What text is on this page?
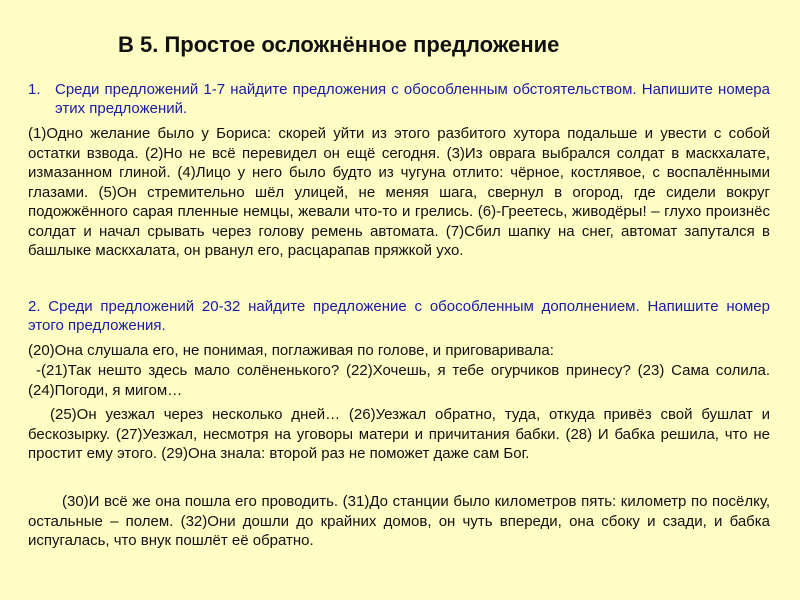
В 5. Простое осложнённое предложение
1. Среди предложений 1-7 найдите предложения с обособленным обстоятельством. Напишите номера этих предложений.
(1)Одно желание было у Бориса: скорей уйти из этого разбитого хутора подальше и увести с собой остатки взвода. (2)Но не всё перевидел он ещё сегодня. (3)Из оврага выбрался солдат в маскхалате, измазанном глиной. (4)Лицо у него было будто из чугуна отлито: чёрное, костлявое, с воспалёнными глазами. (5)Он стремительно шёл улицей, не меняя шага, свернул в огород, где сидели вокруг подожжённого сарая пленные немцы, жевали что-то и грелись. (6)-Греетесь, живодёры! – глухо произнёс солдат и начал срывать через голову ремень автомата. (7)Сбил шапку на снег, автомат запутался в башлыке маскхалата, он рванул его, расцарапав пряжкой ухо.
2. Среди предложений 20-32 найдите предложение с обособленным дополнением. Напишите номер этого предложения.
(20)Она слушала его, не понимая, поглаживая по голове, и приговаривала:
-(21)Так нешто здесь мало солёненького? (22)Хочешь, я тебе огурчиков принесу? (23) Сама солила. (24)Погоди, я мигом…
(25)Он уезжал через несколько дней… (26)Уезжал обратно, туда, откуда привёз свой бушлат и бескозырку. (27)Уезжал, несмотря на уговоры матери и причитания бабки. (28) И бабка решила, что не простит ему этого. (29)Она знала: второй раз не поможет даже сам Бог.
(30)И всё же она пошла его проводить. (31)До станции было километров пять: километр по посёлку, остальные – полем. (32)Они дошли до крайних домов, он чуть впереди, она сбоку и сзади, и бабка испугалась, что внук пошлёт её обратно.
